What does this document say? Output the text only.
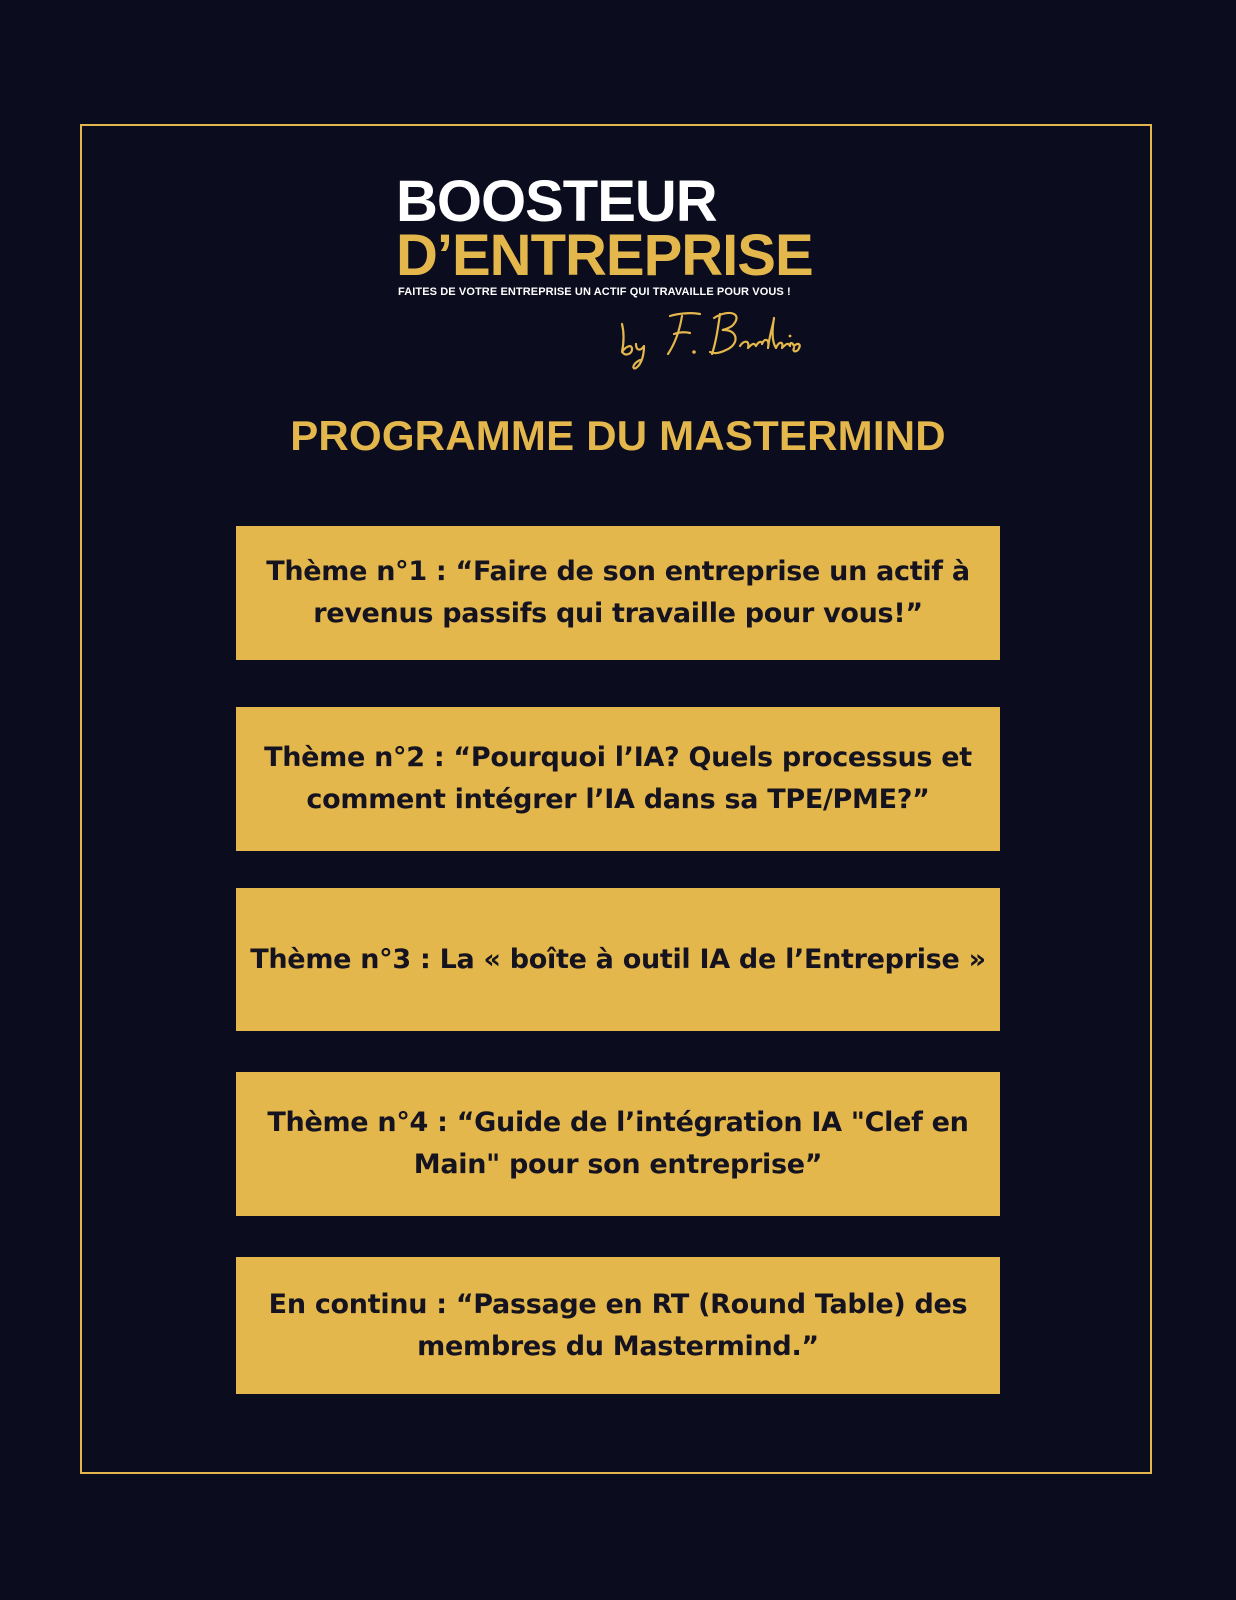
BOOSTEUR
D’ENTREPRISE
FAITES DE VOTRE ENTREPRISE UN ACTIF QUI TRAVAILLE POUR VOUS !
PROGRAMME DU MASTERMIND
Thème n°1 : “Faire de son entreprise un actif à revenus passifs qui travaille pour vous!”
Thème n°2 : “Pourquoi l’IA? Quels processus et comment intégrer l’IA dans sa TPE/PME?”
Thème n°3 : La « boîte à outil IA de l’Entreprise »
Thème n°4 : “Guide de l’intégration IA "Clef en Main" pour son entreprise”
En continu : “Passage en RT (Round Table) des membres du Mastermind.”
